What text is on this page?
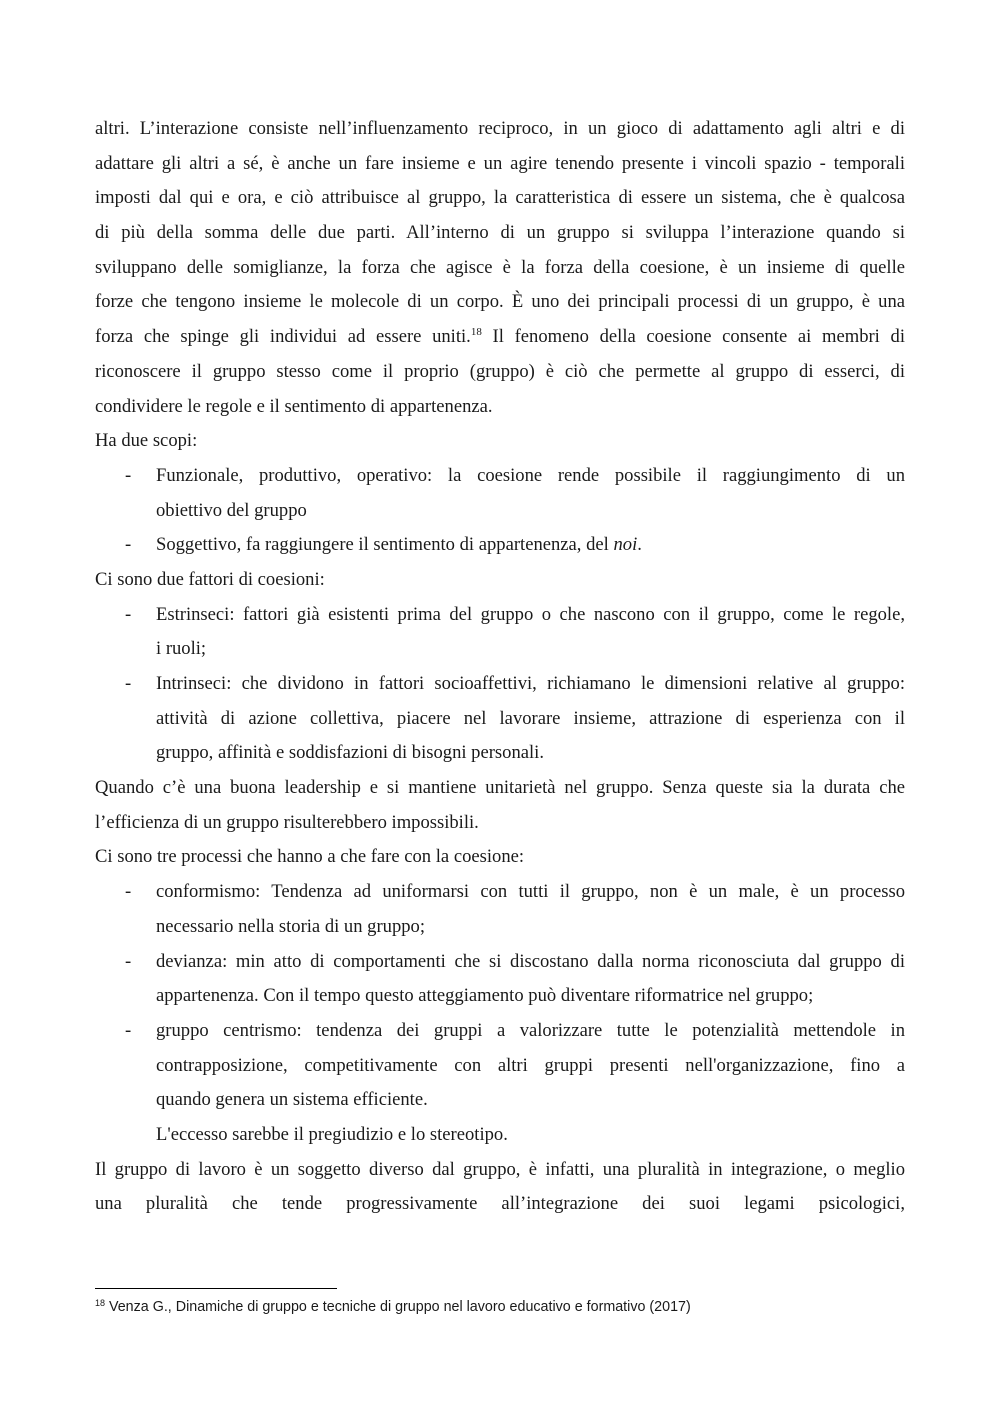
altri. L’interazione consiste nell’influenzamento reciproco, in un gioco di adattamento agli altri e di
adattare gli altri a sé, è anche un fare insieme e un agire tenendo presente i vincoli spazio - temporali
imposti dal qui e ora, e ciò attribuisce al gruppo, la caratteristica di essere un sistema, che è qualcosa
di più della somma delle due parti. All’interno di un gruppo si sviluppa l’interazione quando si
sviluppano delle somiglianze, la forza che agisce è la forza della coesione, è un insieme di quelle
forze che tengono insieme le molecole di un corpo. È uno dei principali processi di un gruppo, è una
forza che spinge gli individui ad essere uniti.$^{18}$ Il fenomeno della coesione consente ai membri di
riconoscere il gruppo stesso come il proprio (gruppo) è ciò che permette al gruppo di esserci, di
condividere le regole e il sentimento di appartenenza.
Ha due scopi:
- Funzionale, produttivo, operativo: la coesione rende possibile il raggiungimento di un
obiettivo del gruppo
- Soggettivo, fa raggiungere il sentimento di appartenenza, del noi.
Ci sono due fattori di coesioni:
- Estrinseci: fattori già esistenti prima del gruppo o che nascono con il gruppo, come le regole,
i ruoli;
- Intrinseci: che dividono in fattori socioaffettivi, richiamano le dimensioni relative al gruppo:
attività di azione collettiva, piacere nel lavorare insieme, attrazione di esperienza con il
gruppo, affinità e soddisfazioni di bisogni personali.
Quando c’è una buona leadership e si mantiene unitarietà nel gruppo. Senza queste sia la durata che
l’efficienza di un gruppo risulterebbero impossibili.
Ci sono tre processi che hanno a che fare con la coesione:
- conformismo: Tendenza ad uniformarsi con tutti il gruppo, non è un male, è un processo
necessario nella storia di un gruppo;
- devianza: min atto di comportamenti che si discostano dalla norma riconosciuta dal gruppo di
appartenenza. Con il tempo questo atteggiamento può diventare riformatrice nel gruppo;
- gruppo centrismo: tendenza dei gruppi a valorizzare tutte le potenzialità mettendole in
contrapposizione, competitivamente con altri gruppi presenti nell'organizzazione, fino a
quando genera un sistema efficiente.
L'eccesso sarebbe il pregiudizio e lo stereotipo.
Il gruppo di lavoro è un soggetto diverso dal gruppo, è infatti, una pluralità in integrazione, o meglio
una pluralità che tende progressivamente all’integrazione dei suoi legami psicologici,
$^{18}$ Venza G., Dinamiche di gruppo e tecniche di gruppo nel lavoro educativo e formativo (2017)
